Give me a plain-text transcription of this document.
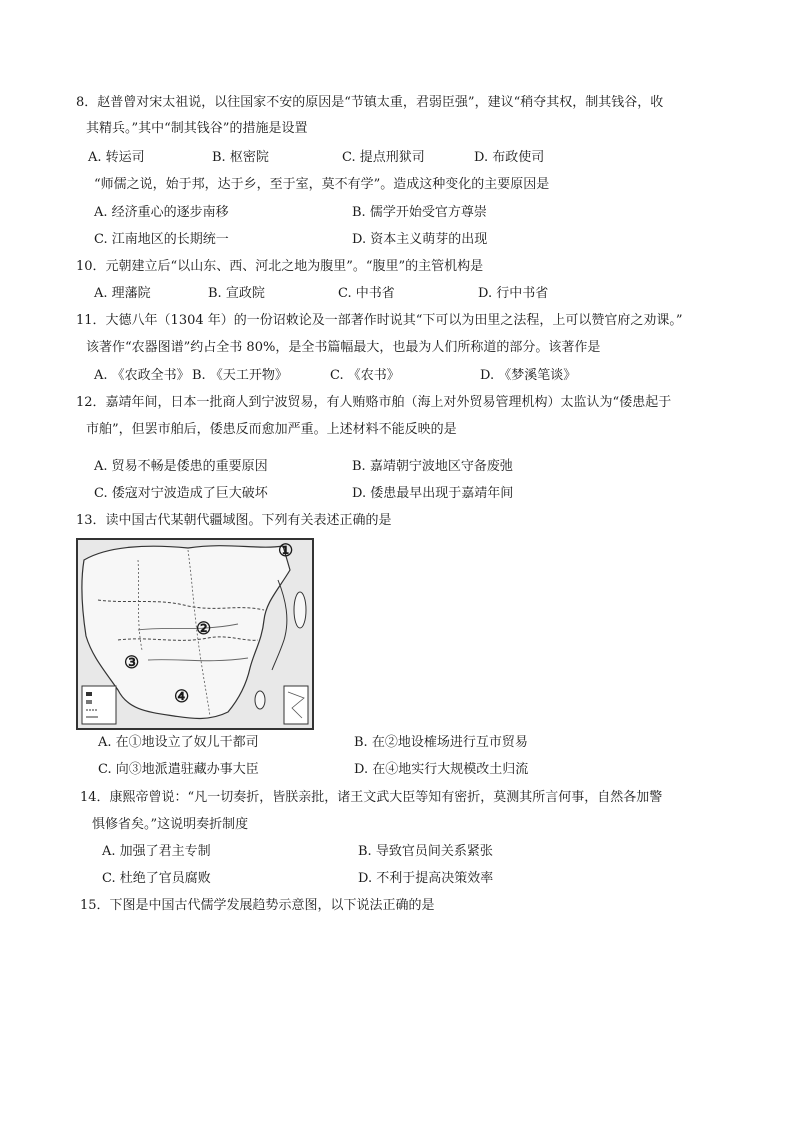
8．赵普曾对宋太祖说，以往国家不安的原因是“节镇太重，君弱臣强”，建议“稍夺其权，制其钱谷，收
其精兵。”其中“制其钱谷”的措施是设置
A. 转运司	B. 枢密院	C. 提点刑狱司	D. 布政使司
“师儒之说，始于邦，达于乡，至于室，莫不有学”。造成这种变化的主要原因是
A. 经济重心的逐步南移	B. 儒学开始受官方尊崇
C. 江南地区的长期统一	D. 资本主义萌芽的出现
10．元朝建立后“以山东、西、河北之地为腹里”。“腹里”的主管机构是
A. 理藩院	B. 宣政院	C. 中书省	D. 行中书省
11．大德八年（1304 年）的一份诏敕论及一部著作时说其“下可以为田里之法程，上可以赞官府之劝课。”
该著作“农器图谱”约占全书 80%，是全书篇幅最大，也最为人们所称道的部分。该著作是
A. 《农政全书》 B. 《天工开物》	C. 《农书》	D. 《梦溪笔谈》
12．嘉靖年间，日本一批商人到宁波贸易，有人贿赂市舶（海上对外贸易管理机构）太监认为“倭患起于
市舶”，但罢市舶后，倭患反而愈加严重。上述材料不能反映的是
A. 贸易不畅是倭患的重要原因	B. 嘉靖朝宁波地区守备废弛
C. 倭寇对宁波造成了巨大破坏	D. 倭患最早出现于嘉靖年间
13．读中国古代某朝代疆域图。下列有关表述正确的是
①
②
③
④
A. 在①地设立了奴儿干都司	B. 在②地设榷场进行互市贸易
C. 向③地派遣驻藏办事大臣	D. 在④地实行大规模改土归流
14．康熙帝曾说：“凡一切奏折，皆朕亲批，诸王文武大臣等知有密折，莫测其所言何事，自然各加警
惧修省矣。”这说明奏折制度
A. 加强了君主专制	B. 导致官员间关系紧张
C. 杜绝了官员腐败	D. 不利于提高决策效率
15．下图是中国古代儒学发展趋势示意图，以下说法正确的是
